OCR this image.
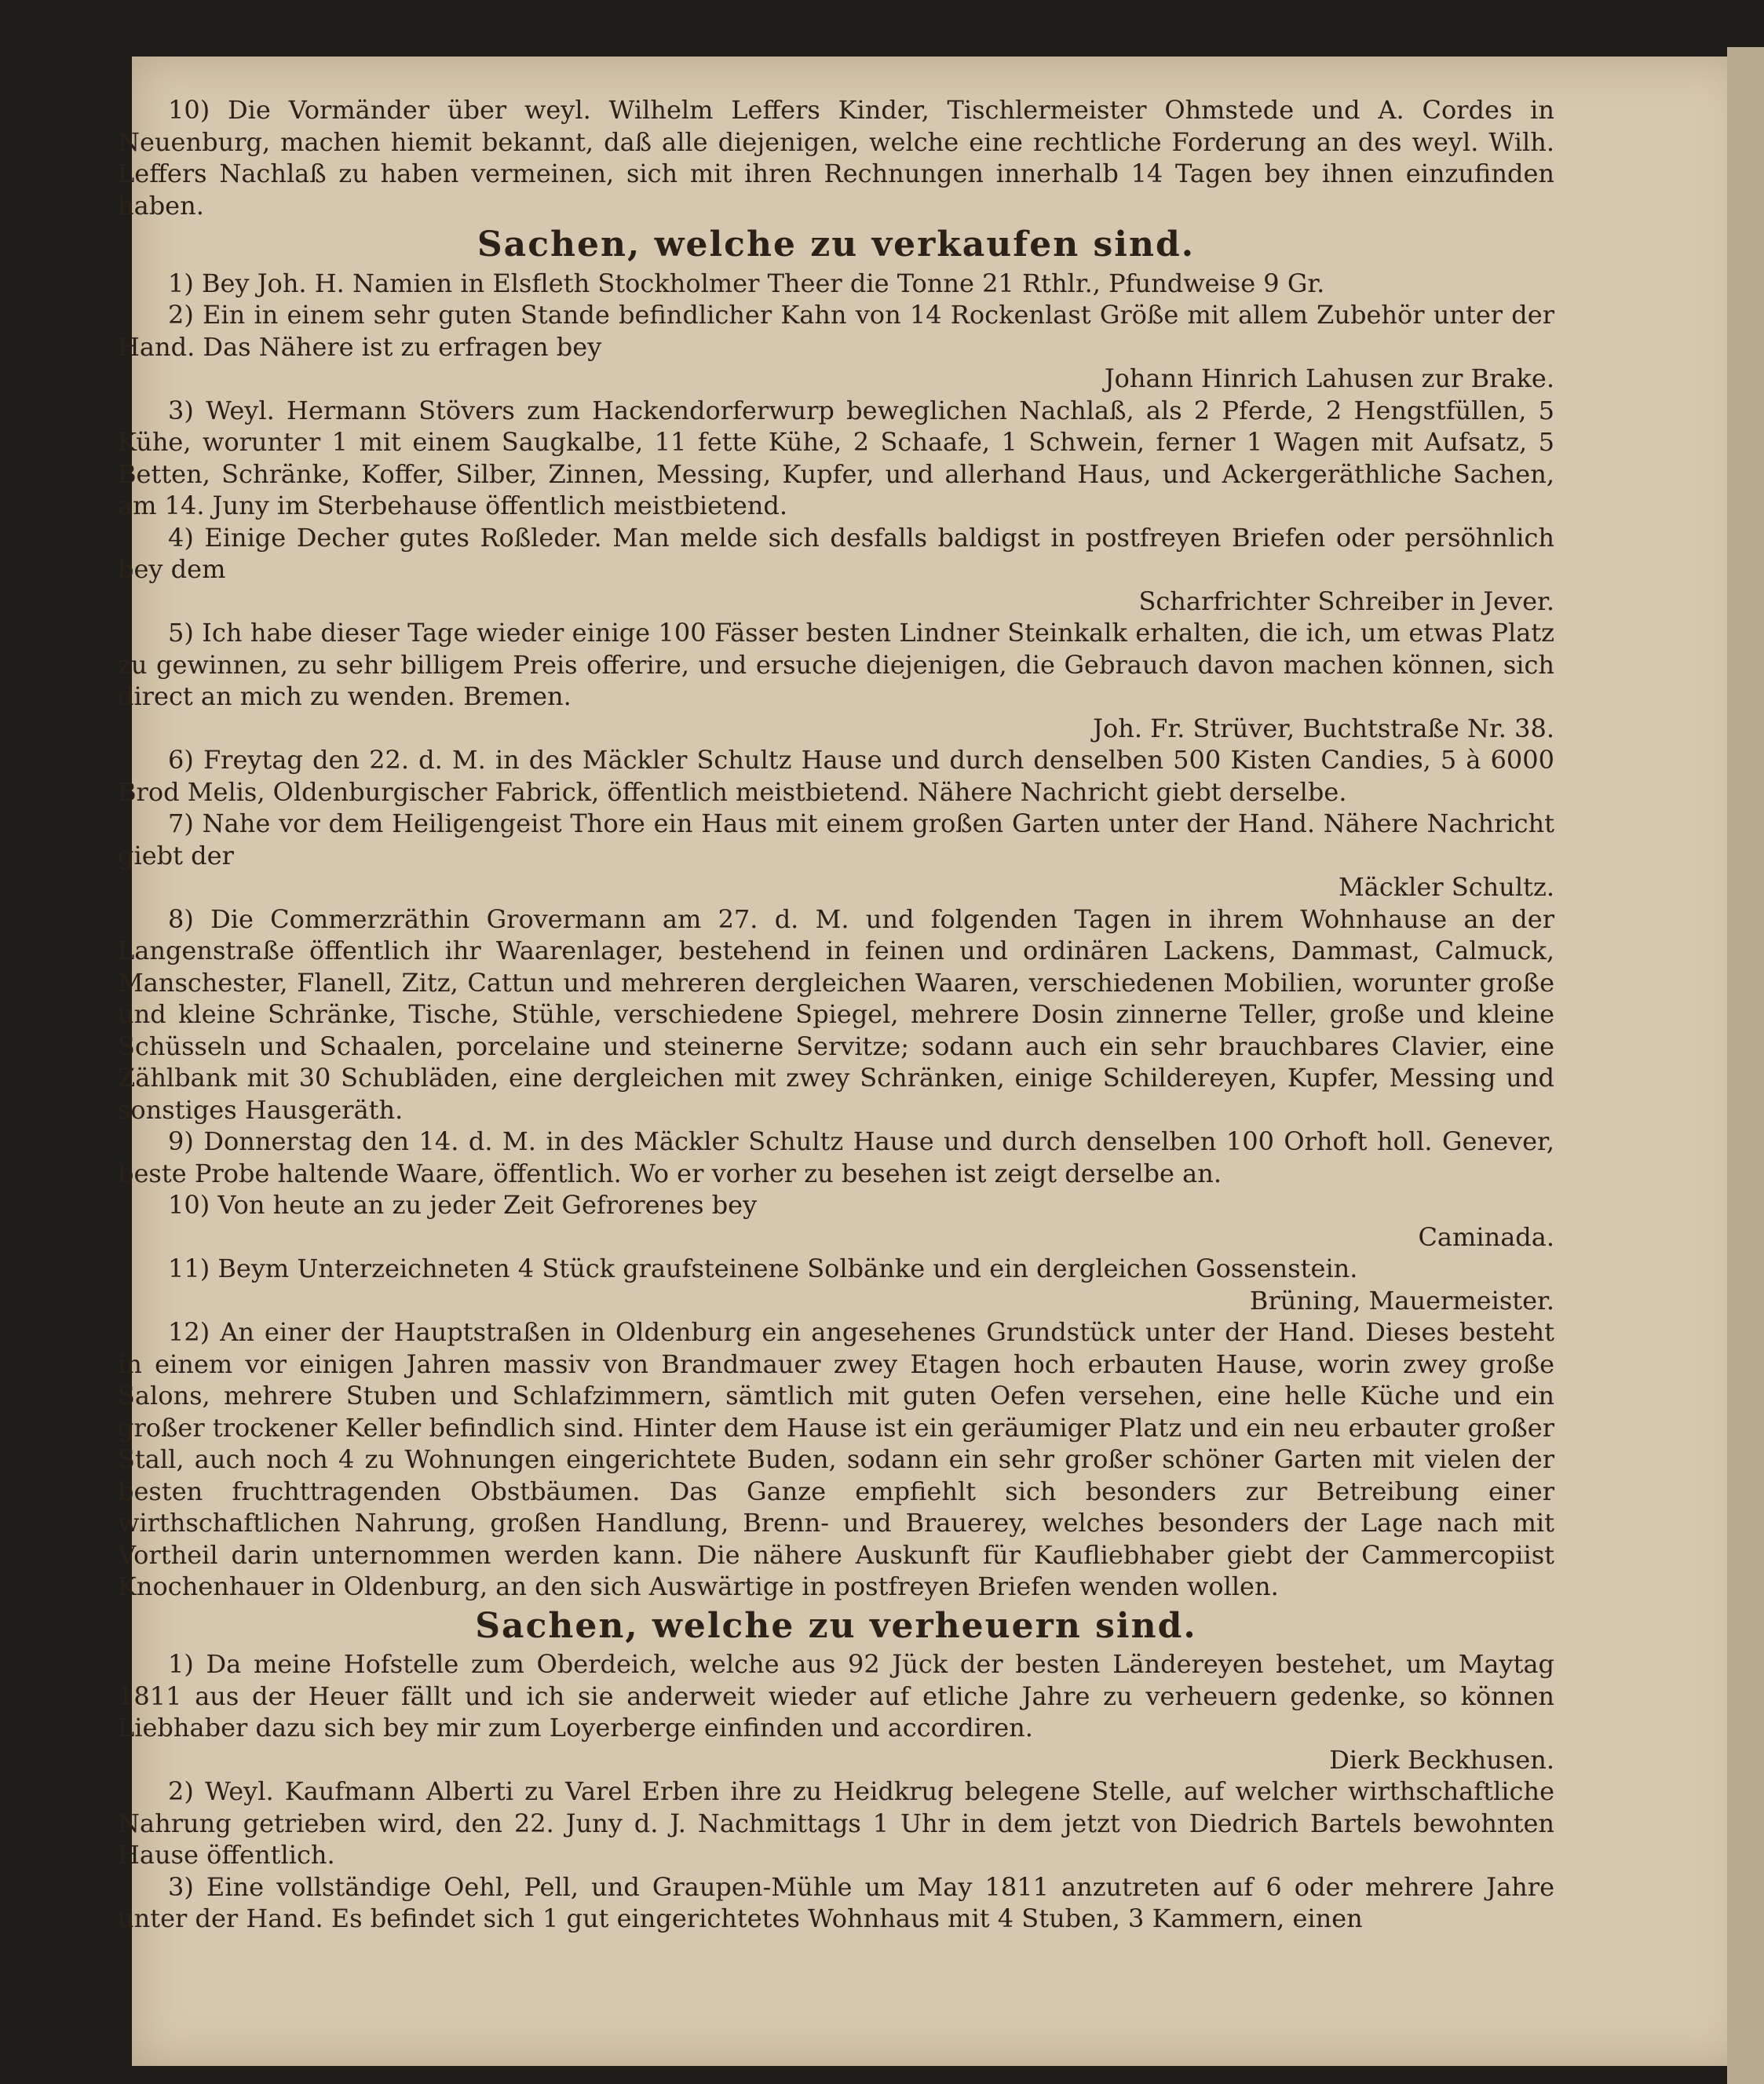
10) Die Vormänder über weyl. Wilhelm Leffers Kinder, Tischlermeister Ohmstede und A. Cordes in Neuenburg, machen hiemit bekannt, daß alle diejenigen, welche eine rechtliche Forderung an des weyl. Wilh. Leffers Nachlaß zu haben vermeinen, sich mit ihren Rechnungen innerhalb 14 Tagen bey ihnen einzufinden haben.

Sachen, welche zu verkaufen sind.

1) Bey Joh. H. Namien in Elsfleth Stockholmer Theer die Tonne 21 Rthlr., Pfundweise 9 Gr.

2) Ein in einem sehr guten Stande befindlicher Kahn von 14 Rockenlast Größe mit allem Zubehör unter der Hand. Das Nähere ist zu erfragen bey
Johann Hinrich Lahusen zur Brake.

3) Weyl. Hermann Stövers zum Hackendorferwurp beweglichen Nachlaß, als 2 Pferde, 2 Hengstfüllen, 5 Kühe, worunter 1 mit einem Saugkalbe, 11 fette Kühe, 2 Schaafe, 1 Schwein, ferner 1 Wagen mit Aufsatz, 5 Betten, Schränke, Koffer, Silber, Zinnen, Messing, Kupfer, und allerhand Haus, und Ackergeräthliche Sachen, am 14. Juny im Sterbehause öffentlich meistbietend.

4) Einige Decher gutes Roßleder. Man melde sich desfalls baldigst in postfreyen Briefen oder persöhnlich bey dem
Scharfrichter Schreiber in Jever.

5) Ich habe dieser Tage wieder einige 100 Fässer besten Lindner Steinkalk erhalten, die ich, um etwas Platz zu gewinnen, zu sehr billigem Preis offerire, und ersuche diejenigen, die Gebrauch davon machen können, sich direct an mich zu wenden. Bremen.
Joh. Fr. Strüver, Buchtstraße Nr. 38.

6) Freytag den 22. d. M. in des Mäckler Schultz Hause und durch denselben 500 Kisten Candies, 5 à 6000 Brod Melis, Oldenburgischer Fabrick, öffentlich meistbietend. Nähere Nachricht giebt derselbe.

7) Nahe vor dem Heiligengeist Thore ein Haus mit einem großen Garten unter der Hand. Nähere Nachricht giebt der
Mäckler Schultz.

8) Die Commerzräthin Grovermann am 27. d. M. und folgenden Tagen in ihrem Wohnhause an der Langenstraße öffentlich ihr Waarenlager, bestehend in feinen und ordinären Lackens, Dammast, Calmuck, Manschester, Flanell, Zitz, Cattun und mehreren dergleichen Waaren, verschiedenen Mobilien, worunter große und kleine Schränke, Tische, Stühle, verschiedene Spiegel, mehrere Dosin zinnerne Teller, große und kleine Schüsseln und Schaalen, porcelaine und steinerne Servitze; sodann auch ein sehr brauchbares Clavier, eine Zählbank mit 30 Schubläden, eine dergleichen mit zwey Schränken, einige Schildereyen, Kupfer, Messing und sonstiges Hausgeräth.

9) Donnerstag den 14. d. M. in des Mäckler Schultz Hause und durch denselben 100 Orhoft holl. Genever, beste Probe haltende Waare, öffentlich. Wo er vorher zu besehen ist zeigt derselbe an.

10) Von heute an zu jeder Zeit Gefrorenes bey
Caminada.

11) Beym Unterzeichneten 4 Stück graufsteinene Solbänke und ein dergleichen Gossenstein.
Brüning, Mauermeister.

12) An einer der Hauptstraßen in Oldenburg ein angesehenes Grundstück unter der Hand. Dieses besteht in einem vor einigen Jahren massiv von Brandmauer zwey Etagen hoch erbauten Hause, worin zwey große Salons, mehrere Stuben und Schlafzimmern, sämtlich mit guten Oefen versehen, eine helle Küche und ein großer trockener Keller befindlich sind. Hinter dem Hause ist ein geräumiger Platz und ein neu erbauter großer Stall, auch noch 4 zu Wohnungen eingerichtete Buden, sodann ein sehr großer schöner Garten mit vielen der besten fruchttragenden Obstbäumen. Das Ganze empfiehlt sich besonders zur Betreibung einer wirthschaftlichen Nahrung, großen Handlung, Brenn- und Brauerey, welches besonders der Lage nach mit Vortheil darin unternommen werden kann. Die nähere Auskunft für Kaufliebhaber giebt der Cammercopiist Knochenhauer in Oldenburg, an den sich Auswärtige in postfreyen Briefen wenden wollen.

Sachen, welche zu verheuern sind.

1) Da meine Hofstelle zum Oberdeich, welche aus 92 Jück der besten Ländereyen bestehet, um Maytag 1811 aus der Heuer fällt und ich sie anderweit wieder auf etliche Jahre zu verheuern gedenke, so können Liebhaber dazu sich bey mir zum Loyerberge einfinden und accordiren.
Dierk Beckhusen.

2) Weyl. Kaufmann Alberti zu Varel Erben ihre zu Heidkrug belegene Stelle, auf welcher wirthschaftliche Nahrung getrieben wird, den 22. Juny d. J. Nachmittags 1 Uhr in dem jetzt von Diedrich Bartels bewohnten Hause öffentlich.

3) Eine vollständige Oehl, Pell, und Graupen-Mühle um May 1811 anzutreten auf 6 oder mehrere Jahre unter der Hand. Es befindet sich 1 gut eingerichtetes Wohnhaus mit 4 Stuben, 3 Kammern, einen
